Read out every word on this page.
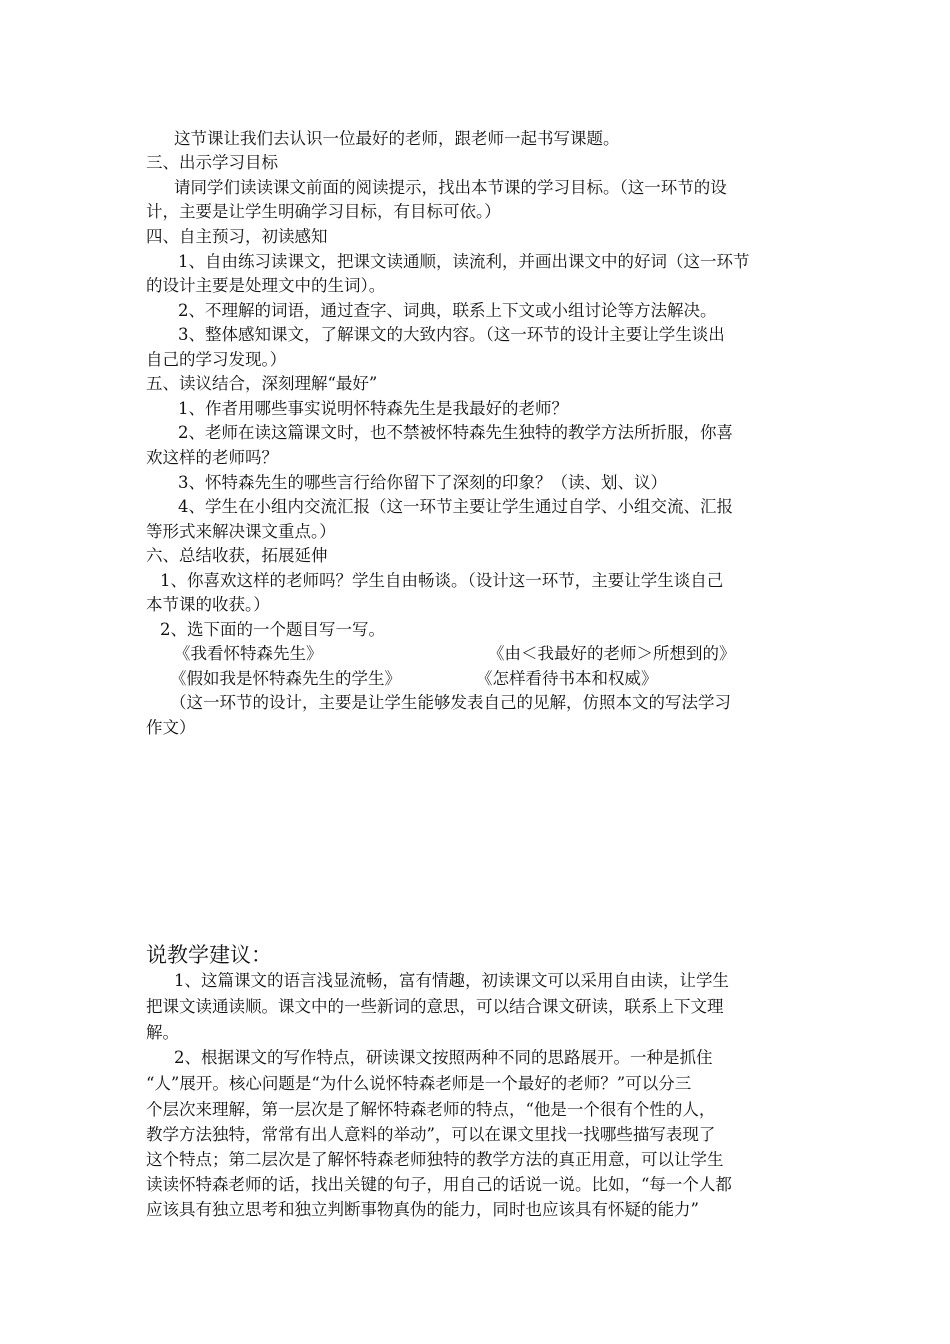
这节课让我们去认识一位最好的老师，跟老师一起书写课题。
三、出示学习目标
请同学们读读课文前面的阅读提示，找出本节课的学习目标。（这一环节的设
计，主要是让学生明确学习目标，有目标可依。）
四、自主预习，初读感知
1、自由练习读课文，把课文读通顺，读流利，并画出课文中的好词（这一环节
的设计主要是处理文中的生词）。
2、不理解的词语，通过查字、词典，联系上下文或小组讨论等方法解决。
3、整体感知课文，了解课文的大致内容。（这一环节的设计主要让学生谈出
自己的学习发现。）
五、读议结合，深刻理解“最好”
1、作者用哪些事实说明怀特森先生是我最好的老师？
2、老师在读这篇课文时，也不禁被怀特森先生独特的教学方法所折服，你喜
欢这样的老师吗？
3、怀特森先生的哪些言行给你留下了深刻的印象？（读、划、议）
4、学生在小组内交流汇报（这一环节主要让学生通过自学、小组交流、汇报
等形式来解决课文重点。）
六、总结收获，拓展延伸
1、你喜欢这样的老师吗？学生自由畅谈。（设计这一环节，主要让学生谈自己
本节课的收获。）
2、选下面的一个题目写一写。
《我看怀特森先生》	《由＜我最好的老师＞所想到的》
《假如我是怀特森先生的学生》	《怎样看待书本和权威》
（这一环节的设计，主要是让学生能够发表自己的见解，仿照本文的写法学习
作文）
说教学建议：
1、这篇课文的语言浅显流畅，富有情趣，初读课文可以采用自由读，让学生
把课文读通读顺。课文中的一些新词的意思，可以结合课文研读，联系上下文理
解。
2、根据课文的写作特点，研读课文按照两种不同的思路展开。一种是抓住
“人”展开。核心问题是“为什么说怀特森老师是一个最好的老师？”可以分三
个层次来理解，第一层次是了解怀特森老师的特点，“他是一个很有个性的人，
教学方法独特，常常有出人意料的举动”，可以在课文里找一找哪些描写表现了
这个特点；第二层次是了解怀特森老师独特的教学方法的真正用意，可以让学生
读读怀特森老师的话，找出关键的句子，用自己的话说一说。比如，“每一个人都
应该具有独立思考和独立判断事物真伪的能力，同时也应该具有怀疑的能力”
